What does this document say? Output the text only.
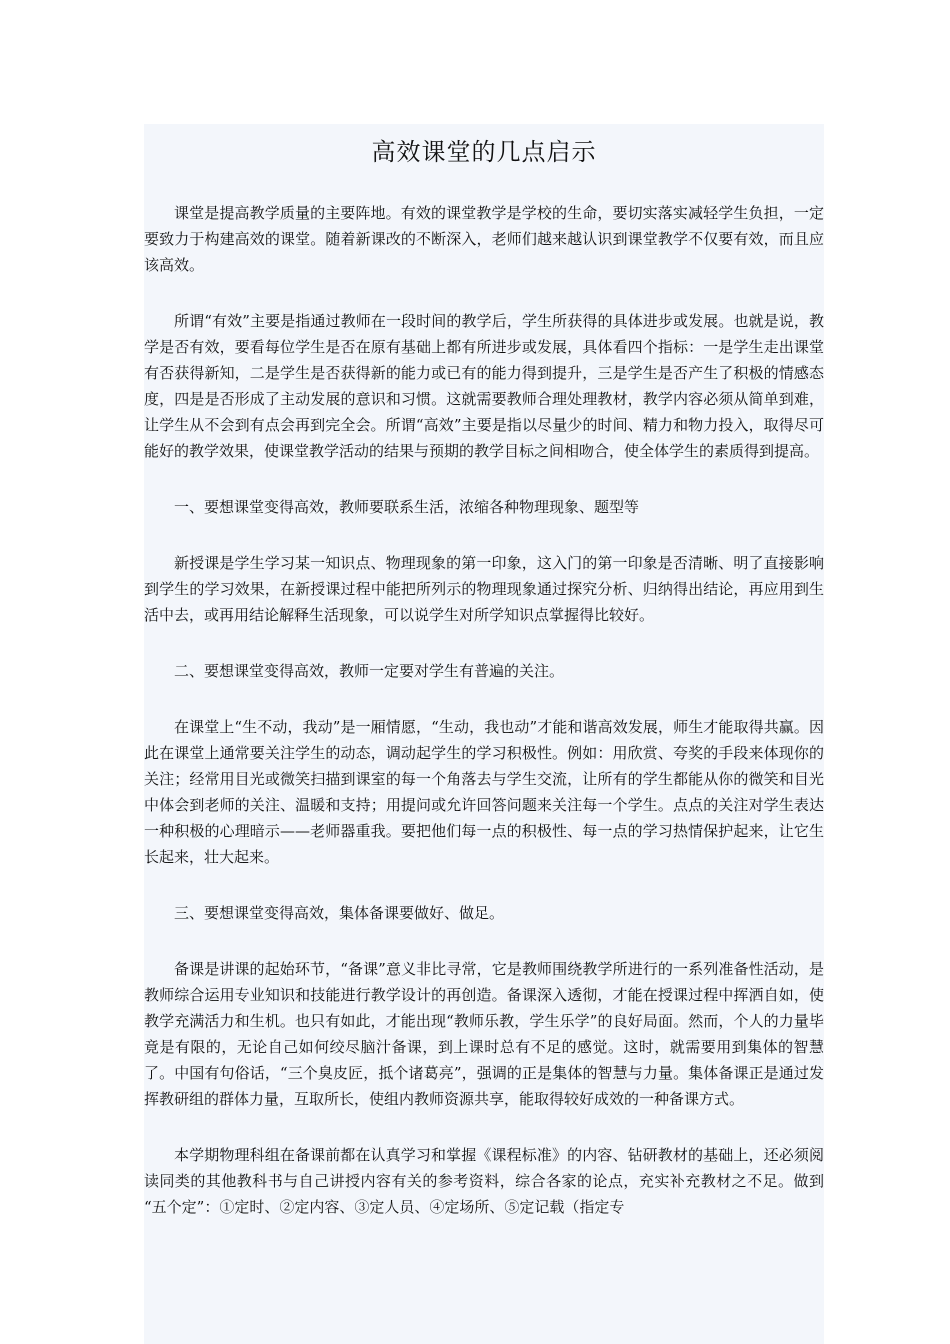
高效课堂的几点启示

课堂是提高教学质量的主要阵地。有效的课堂教学是学校的生命，要切实落实减轻学生负担，一定要致力于构建高效的课堂。随着新课改的不断深入，老师们越来越认识到课堂教学不仅要有效，而且应该高效。

所谓“有效”主要是指通过教师在一段时间的教学后，学生所获得的具体进步或发展。也就是说，教学是否有效，要看每位学生是否在原有基础上都有所进步或发展，具体看四个指标：一是学生走出课堂有否获得新知，二是学生是否获得新的能力或已有的能力得到提升，三是学生是否产生了积极的情感态度，四是是否形成了主动发展的意识和习惯。这就需要教师合理处理教材，教学内容必须从简单到难，让学生从不会到有点会再到完全会。所谓“高效”主要是指以尽量少的时间、精力和物力投入，取得尽可能好的教学效果，使课堂教学活动的结果与预期的教学目标之间相吻合，使全体学生的素质得到提高。

一、要想课堂变得高效，教师要联系生活，浓缩各种物理现象、题型等

新授课是学生学习某一知识点、物理现象的第一印象，这入门的第一印象是否清晰、明了直接影响到学生的学习效果，在新授课过程中能把所列示的物理现象通过探究分析、归纳得出结论，再应用到生活中去，或再用结论解释生活现象，可以说学生对所学知识点掌握得比较好。

二、要想课堂变得高效，教师一定要对学生有普遍的关注。

在课堂上“生不动，我动”是一厢情愿，“生动，我也动”才能和谐高效发展，师生才能取得共赢。因此在课堂上通常要关注学生的动态，调动起学生的学习积极性。例如：用欣赏、夸奖的手段来体现你的关注；经常用目光或微笑扫描到课室的每一个角落去与学生交流，让所有的学生都能从你的微笑和目光中体会到老师的关注、温暖和支持；用提问或允许回答问题来关注每一个学生。点点的关注对学生表达一种积极的心理暗示——老师器重我。要把他们每一点的积极性、每一点的学习热情保护起来，让它生长起来，壮大起来。

三、要想课堂变得高效，集体备课要做好、做足。

备课是讲课的起始环节，“备课”意义非比寻常，它是教师围绕教学所进行的一系列准备性活动，是教师综合运用专业知识和技能进行教学设计的再创造。备课深入透彻，才能在授课过程中挥洒自如，使教学充满活力和生机。也只有如此，才能出现“教师乐教，学生乐学”的良好局面。然而，个人的力量毕竟是有限的，无论自己如何绞尽脑汁备课，到上课时总有不足的感觉。这时，就需要用到集体的智慧了。中国有句俗话，“三个臭皮匠，抵个诸葛亮”，强调的正是集体的智慧与力量。集体备课正是通过发挥教研组的群体力量，互取所长，使组内教师资源共享，能取得较好成效的一种备课方式。

本学期物理科组在备课前都在认真学习和掌握《课程标准》的内容、钻研教材的基础上，还必须阅读同类的其他教科书与自己讲授内容有关的参考资料，综合各家的论点，充实补充教材之不足。做到 “五个定”：①定时、②定内容、③定人员、④定场所、⑤定记载（指定专
